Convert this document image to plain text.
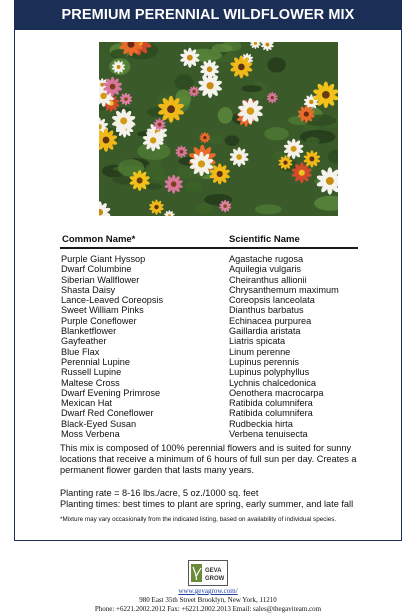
PREMIUM PERENNIAL WILDFLOWER MIX
Common Name*	Scientific Name
Purple Giant Hyssop
Dwarf Columbine
Siberian Wallflower
Shasta Daisy
Lance-Leaved Coreopsis
Sweet William Pinks
Purple Coneflower
Blanketflower
Gayfeather
Blue Flax
Perennial Lupine
Russell Lupine
Maltese Cross
Dwarf Evening Primrose
Mexican Hat
Dwarf Red Coneflower
Black-Eyed Susan
Moss Verbena
Agastache rugosa
Aquilegia vulgaris
Cheiranthus allionii
Chrysanthemum maximum
Coreopsis lanceolata
Dianthus barbatus
Echinacea purpurea
Gaillardia aristata
Liatris spicata
Linum perenne
Lupinus perennis
Lupinus polyphyllus
Lychnis chalcedonica
Oenothera macrocarpa
Ratibida columnifera
Ratibida columnifera
Rudbeckia hirta
Verbena tenuisecta
This mix is composed of 100% perennial flowers and is suited for sunny locations that receive a minimum of 6 hours of full sun per day. Creates a permanent flower garden that lasts many years.
Planting rate = 8-16 lbs./acre, 5 oz./1000 sq. feet
Planting times: best times to plant are spring, early summer, and late fall
*Mixture may vary occasionally from the indicated listing, based on availability of individual species.
GEVA
GROW
www.gevagrow.com/
980 East 35th Street Brooklyn, New York, 11210
Phone: +6221.2002.2012 Fax: +6221.2002.2013 Email: sales@thegaviteam.com
